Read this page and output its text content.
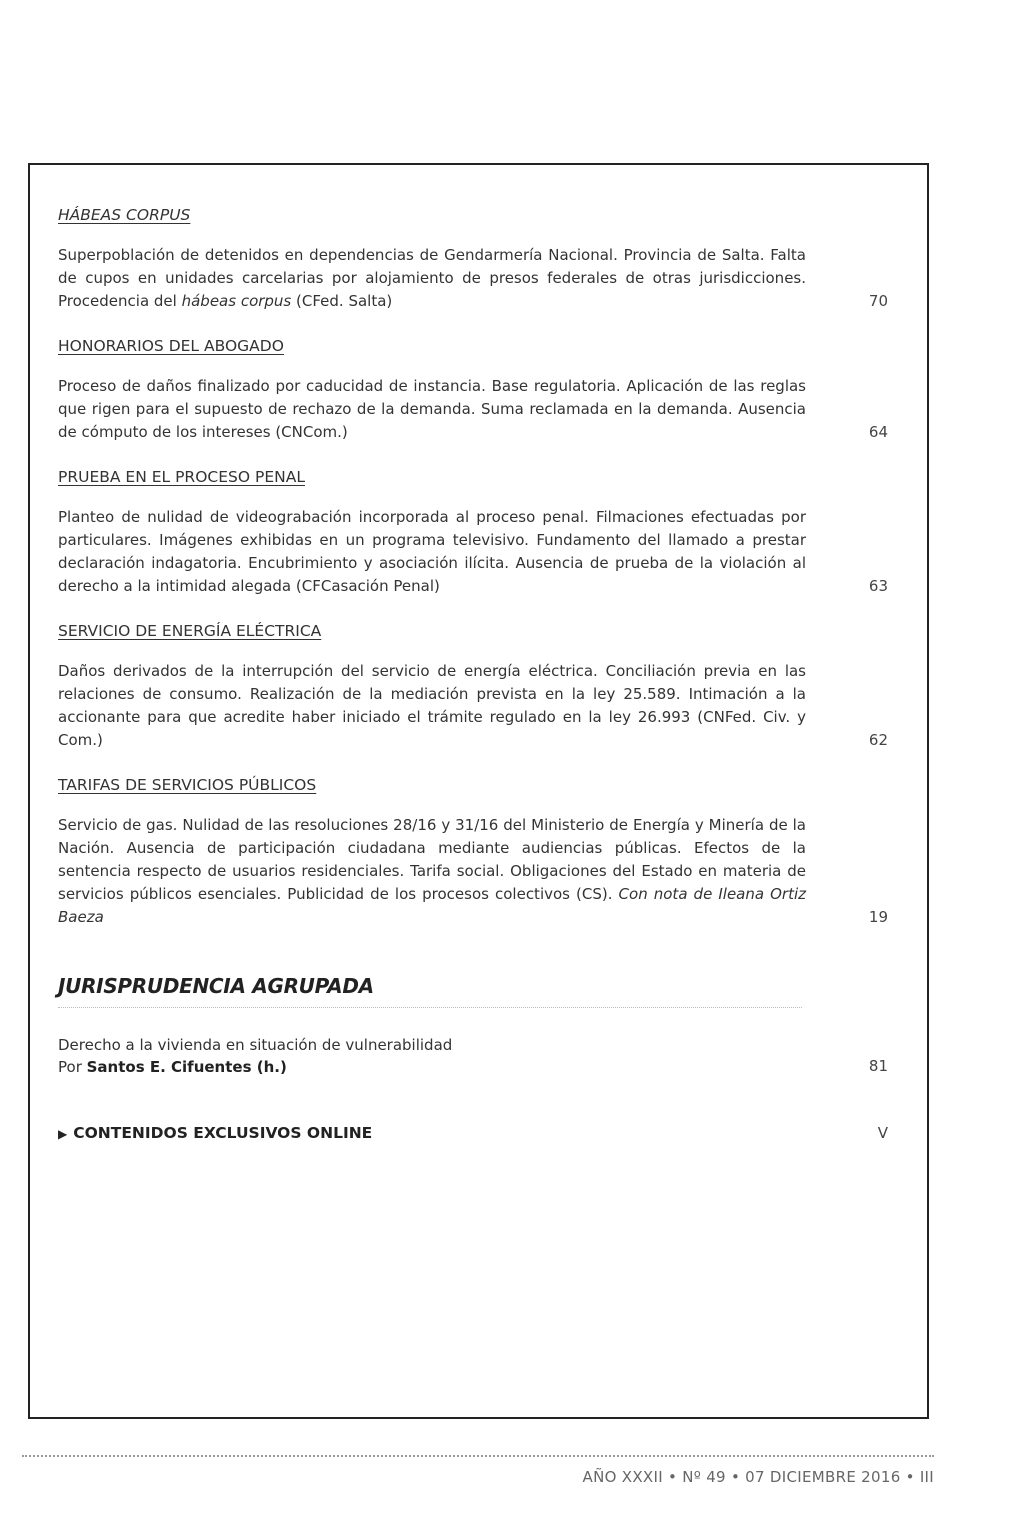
HÁBEAS CORPUS

Superpoblación de detenidos en dependencias de Gendarmería Nacional. Provincia de Salta. Falta de cupos en unidades carcelarias por alojamiento de presos federales de otras jurisdicciones. Procedencia del hábeas corpus (CFed. Salta)	70

HONORARIOS DEL ABOGADO

Proceso de daños finalizado por caducidad de instancia. Base regulatoria. Aplicación de las reglas que rigen para el supuesto de rechazo de la demanda. Suma reclamada en la demanda. Ausencia de cómputo de los intereses (CNCom.)	64

PRUEBA EN EL PROCESO PENAL

Planteo de nulidad de videograbación incorporada al proceso penal. Filmaciones efectuadas por particulares. Imágenes exhibidas en un programa televisivo. Fundamento del llamado a prestar declaración indagatoria. Encubrimiento y asociación ilícita. Ausencia de prueba de la violación al derecho a la intimidad alegada (CFCasación Penal)	63

SERVICIO DE ENERGÍA ELÉCTRICA

Daños derivados de la interrupción del servicio de energía eléctrica. Conciliación previa en las relaciones de consumo. Realización de la mediación prevista en la ley 25.589. Intimación a la accionante para que acredite haber iniciado el trámite regulado en la ley 26.993 (CNFed. Civ. y Com.)	62

TARIFAS DE SERVICIOS PÚBLICOS

Servicio de gas. Nulidad de las resoluciones 28/16 y 31/16 del Ministerio de Energía y Minería de la Nación. Ausencia de participación ciudadana mediante audiencias públicas. Efectos de la sentencia respecto de usuarios residenciales. Tarifa social. Obligaciones del Estado en materia de servicios públicos esenciales. Publicidad de los procesos colectivos (CS). Con nota de Ileana Ortiz Baeza	19
JURISPRUDENCIA AGRUPADA
Derecho a la vivienda en situación de vulnerabilidad
Por Santos E. Cifuentes (h.)	81
▶ CONTENIDOS EXCLUSIVOS ONLINE	V
AÑO XXXII • Nº 49 • 07 DICIEMBRE 2016 • III
